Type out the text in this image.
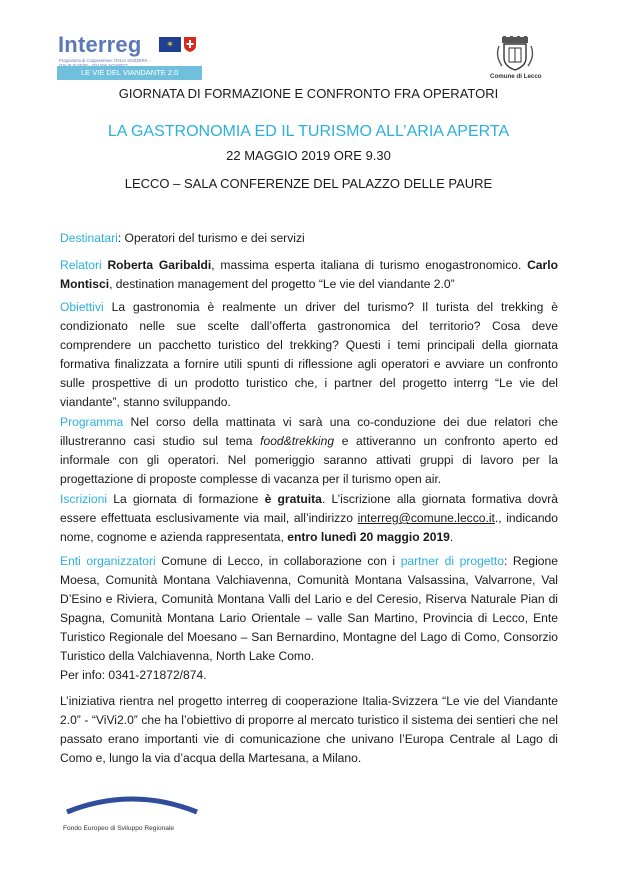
Interreg
Programma di Cooperazione ITALIA SVIZZERA ·
✶
LE VIE DEL VIANDANTE 2.0	Comune di Lecco
GIORNATA DI FORMAZIONE E CONFRONTO FRA OPERATORI
LA GASTRONOMIA ED IL TURISMO ALL’ARIA APERTA
22 MAGGIO 2019 ORE 9.30
LECCO – SALA CONFERENZE DEL PALAZZO DELLE PAURE
Destinatari: Operatori del turismo e dei servizi
Relatori Roberta Garibaldi, massima esperta italiana di turismo enogastronomico. Carlo Montisci, destination management del progetto “Le vie del viandante 2.0”
Obiettivi La gastronomia è realmente un driver del turismo? Il turista del trekking è condizionato nelle sue scelte dall’offerta gastronomica del territorio? Cosa deve comprendere un pacchetto turistico del trekking? Questi i temi principali della giornata formativa finalizzata a fornire utili spunti di riflessione agli operatori e avviare un confronto sulle prospettive di un prodotto turistico che, i partner del progetto interrg “Le vie del viandante”, stanno sviluppando.
Programma Nel corso della mattinata vi sarà una co-conduzione dei due relatori che illustreranno casi studio sul tema food&trekking e attiveranno un confronto aperto ed informale con gli operatori. Nel pomeriggio saranno attivati gruppi di lavoro per la progettazione di proposte complesse di vacanza per il turismo open air.
Iscrizioni La giornata di formazione è gratuita. L’iscrizione alla giornata formativa dovrà essere effettuata esclusivamente via mail, all’indirizzo interreg@comune.lecco.it., indicando nome, cognome e azienda rappresentata, entro lunedì 20 maggio 2019.
Enti organizzatori Comune di Lecco, in collaborazione con i partner di progetto: Regione Moesa, Comunità Montana Valchiavenna, Comunità Montana Valsassina, Valvarrone, Val D’Esino e Riviera, Comunità Montana Valli del Lario e del Ceresio, Riserva Naturale Pian di Spagna, Comunità Montana Lario Orientale – valle San Martino, Provincia di Lecco, Ente Turistico Regionale del Moesano – San Bernardino, Montagne del Lago di Como, Consorzio Turistico della Valchiavenna, North Lake Como.
Per info: 0341-271872/874.
L’iniziativa rientra nel progetto interreg di cooperazione Italia-Svizzera “Le vie del Viandante 2.0” - “ViVi2.0” che ha l’obiettivo di proporre al mercato turistico il sistema dei sentieri che nel passato erano importanti vie di comunicazione che univano l’Europa Centrale al Lago di Como e, lungo la via d’acqua della Martesana, a Milano.
Fondo Europeo di Sviluppo Regionale
